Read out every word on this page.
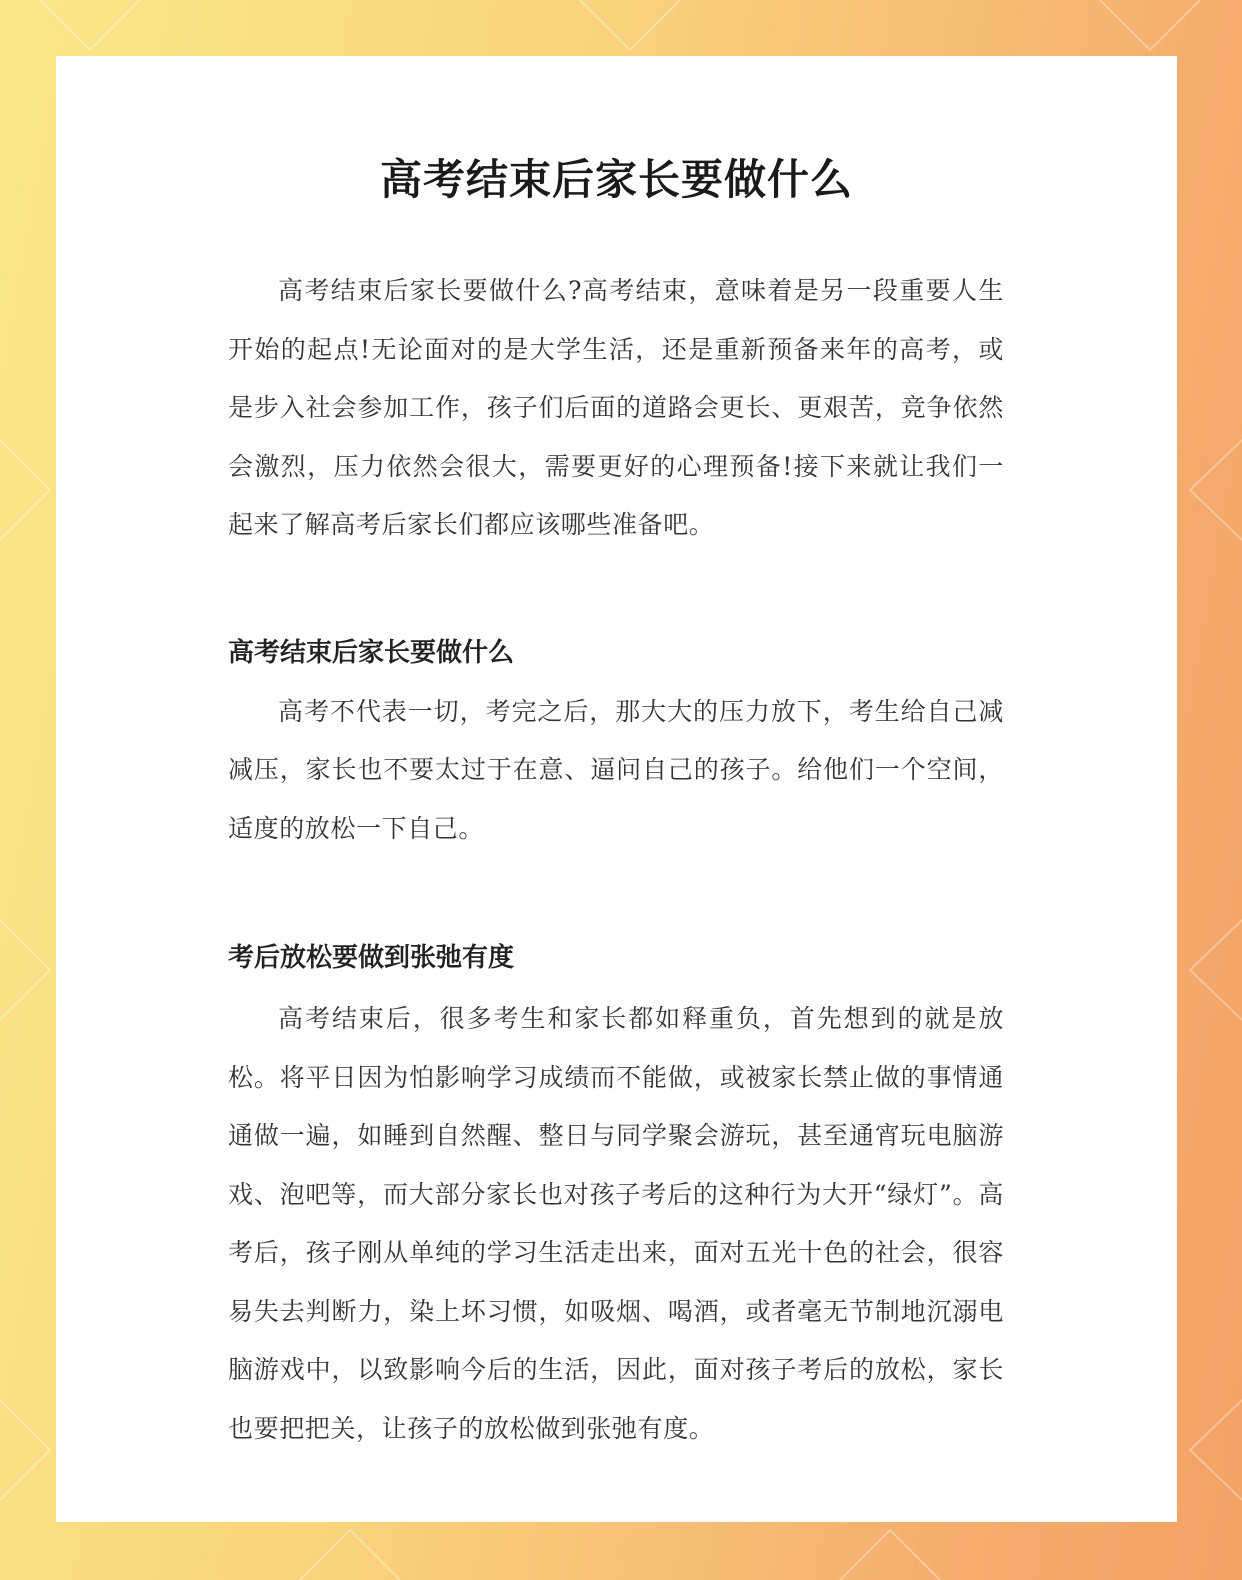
高考结束后家长要做什么

高考结束后家长要做什么?高考结束，意味着是另一段重要人生开始的起点!无论面对的是大学生活，还是重新预备来年的高考，或是步入社会参加工作，孩子们后面的道路会更长、更艰苦，竞争依然会激烈，压力依然会很大，需要更好的心理预备!接下来就让我们一起来了解高考后家长们都应该哪些准备吧。

高考结束后家长要做什么

高考不代表一切，考完之后，那大大的压力放下，考生给自己减减压，家长也不要太过于在意、逼问自己的孩子。给他们一个空间，适度的放松一下自己。

考后放松要做到张弛有度

高考结束后，很多考生和家长都如释重负，首先想到的就是放松。将平日因为怕影响学习成绩而不能做，或被家长禁止做的事情通通做一遍，如睡到自然醒、整日与同学聚会游玩，甚至通宵玩电脑游戏、泡吧等，而大部分家长也对孩子考后的这种行为大开“绿灯”。高考后，孩子刚从单纯的学习生活走出来，面对五光十色的社会，很容易失去判断力，染上坏习惯，如吸烟、喝酒，或者毫无节制地沉溺电脑游戏中，以致影响今后的生活，因此，面对孩子考后的放松，家长也要把把关，让孩子的放松做到张弛有度。
